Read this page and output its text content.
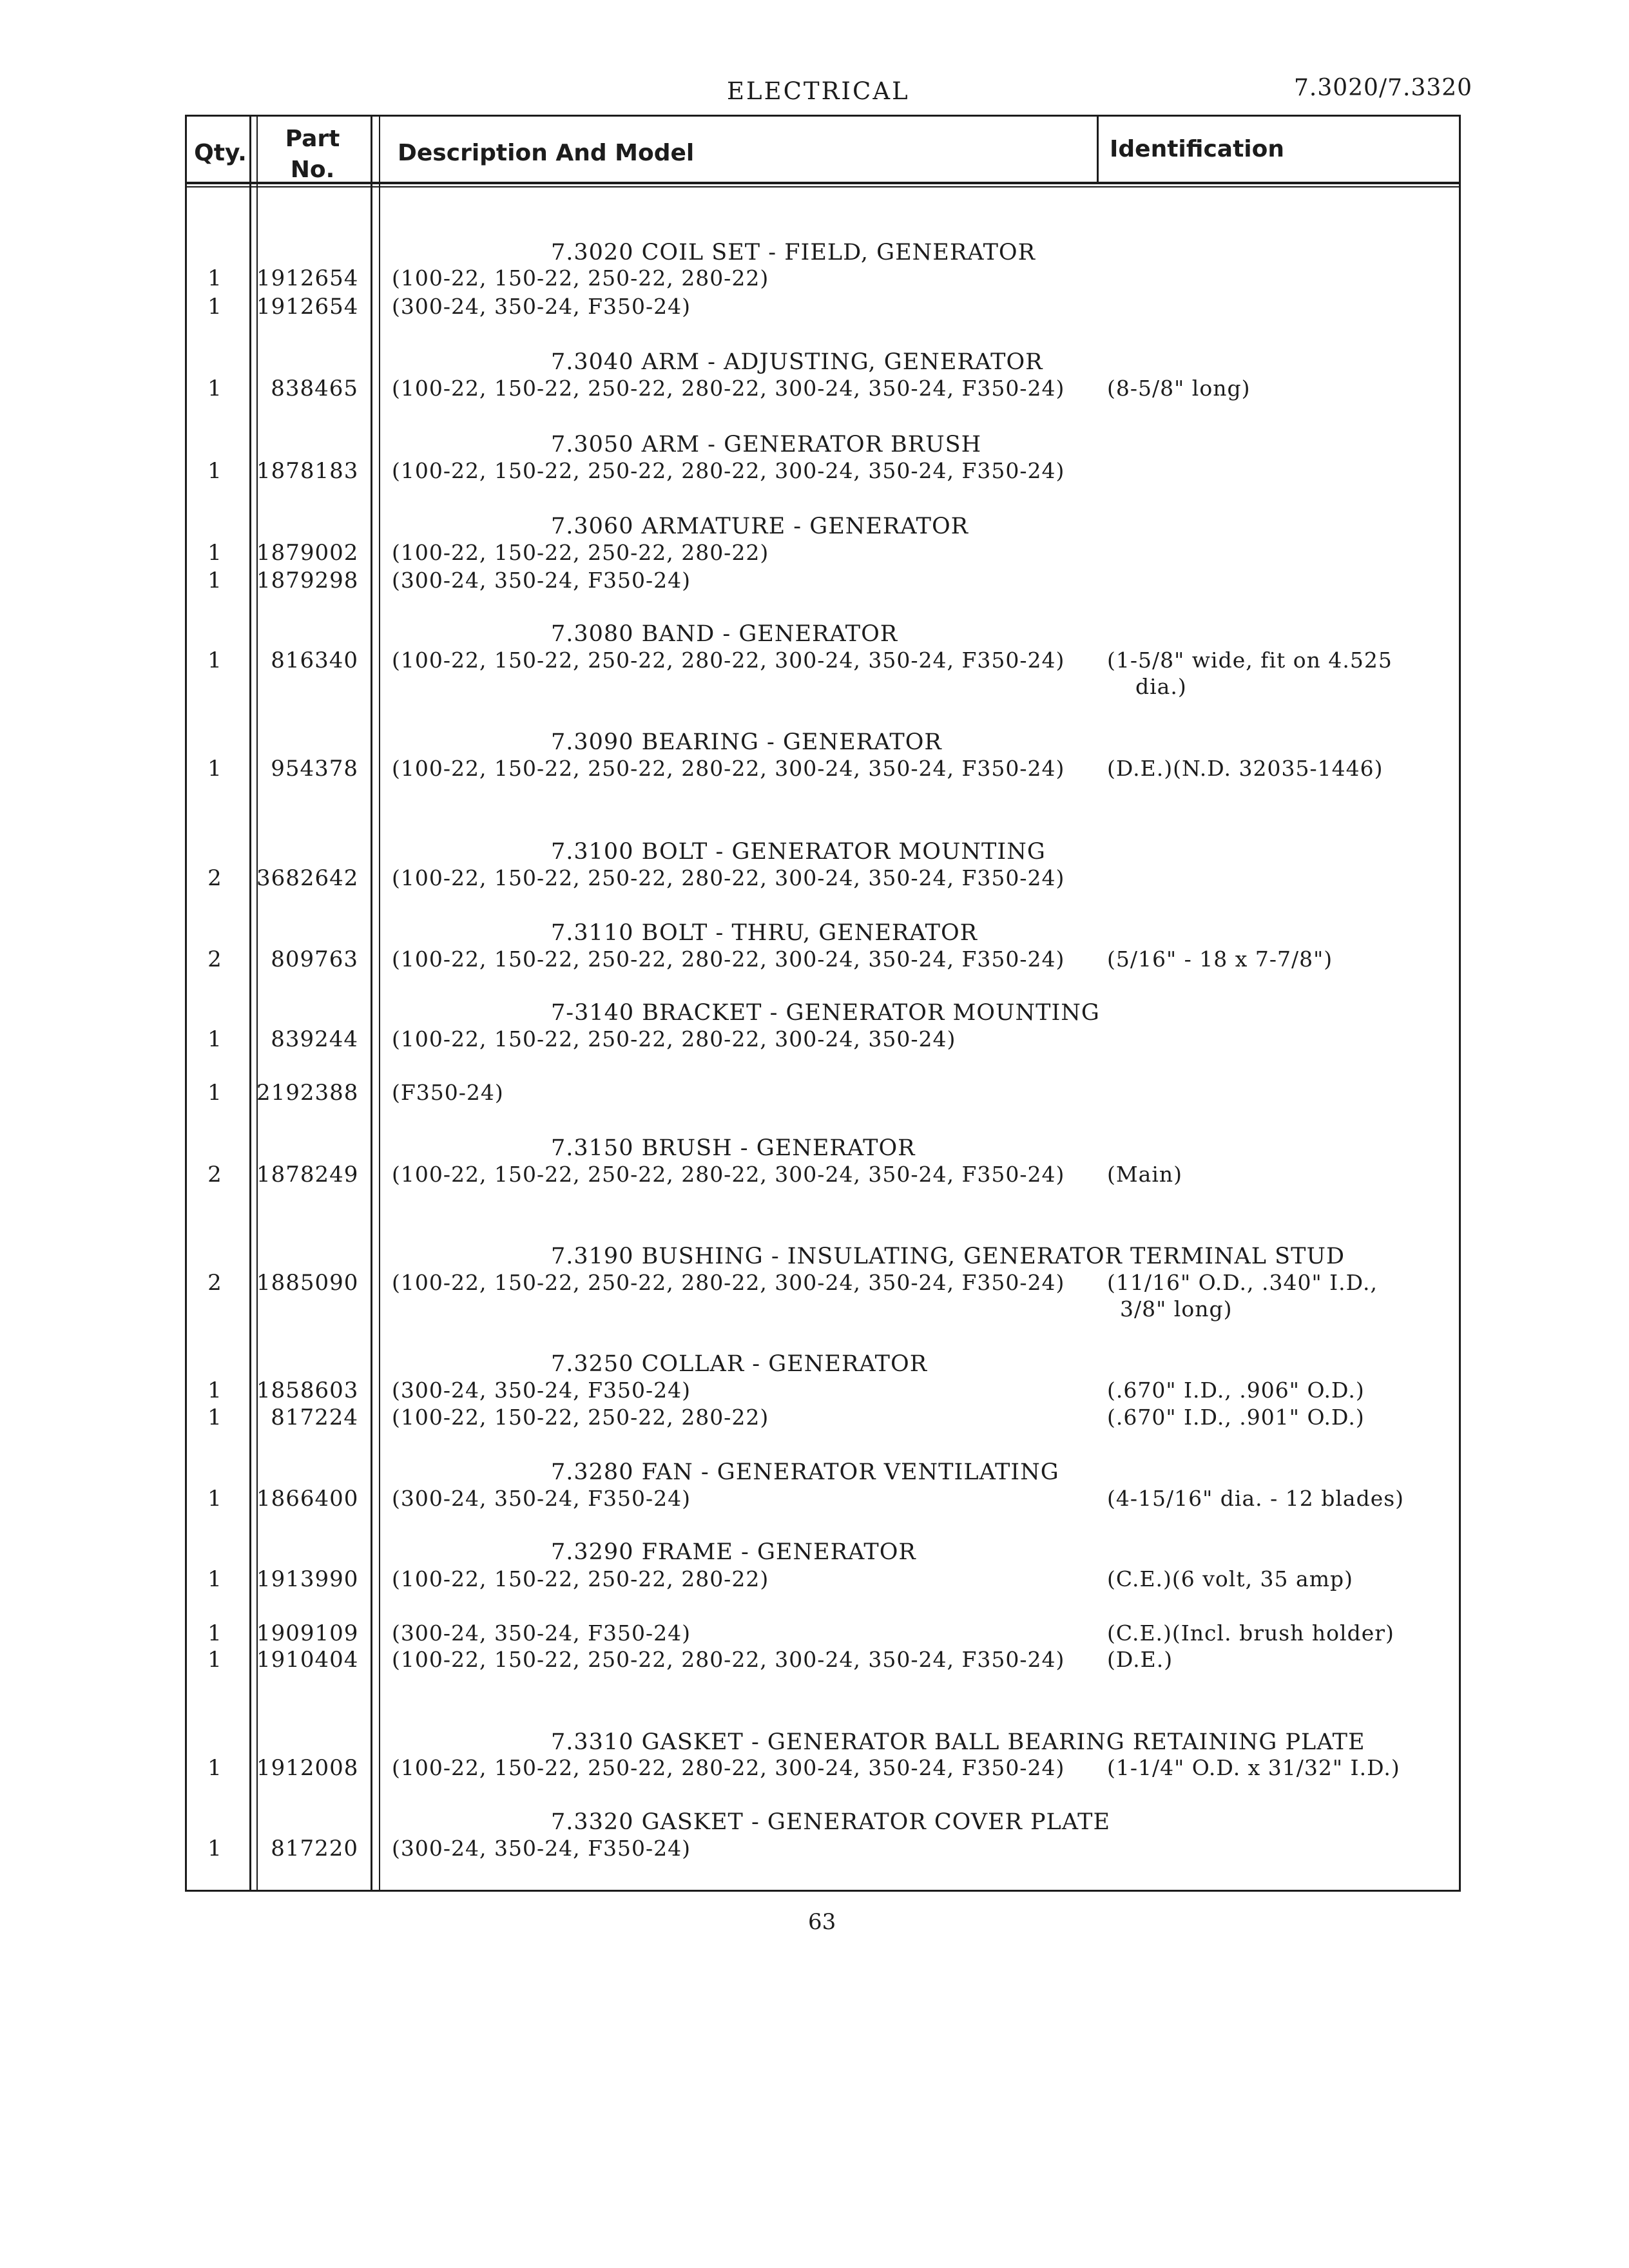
ELECTRICAL	7.3020/7.3320
Qty.
Part
No.
Description And Model	Identification
7.3020 COIL SET - FIELD, GENERATOR
1	1912654 (100-22, 150-22, 250-22, 280-22)
1	1912654 (300-24, 350-24, F350-24)
7.3040 ARM - ADJUSTING, GENERATOR
1	838465 (100-22, 150-22, 250-22, 280-22, 300-24, 350-24, F350-24) (8-5/8" long)
7.3050 ARM - GENERATOR BRUSH
1	1878183 (100-22, 150-22, 250-22, 280-22, 300-24, 350-24, F350-24)
7.3060 ARMATURE - GENERATOR
1	1879002 (100-22, 150-22, 250-22, 280-22)
1	1879298 (300-24, 350-24, F350-24)
7.3080 BAND - GENERATOR
1	816340 (100-22, 150-22, 250-22, 280-22, 300-24, 350-24, F350-24) (1-5/8" wide, fit on 4.525
dia.)
7.3090 BEARING - GENERATOR
1	954378 (100-22, 150-22, 250-22, 280-22, 300-24, 350-24, F350-24) (D.E.)(N.D. 32035-1446)
7.3100 BOLT - GENERATOR MOUNTING
2	3682642 (100-22, 150-22, 250-22, 280-22, 300-24, 350-24, F350-24)
7.3110 BOLT - THRU, GENERATOR
2	809763 (100-22, 150-22, 250-22, 280-22, 300-24, 350-24, F350-24) (5/16" - 18 x 7-7/8")
7-3140 BRACKET - GENERATOR MOUNTING
1	839244 (100-22, 150-22, 250-22, 280-22, 300-24, 350-24)
1	2192388 (F350-24)
7.3150 BRUSH - GENERATOR
2	1878249 (100-22, 150-22, 250-22, 280-22, 300-24, 350-24, F350-24) (Main)
7.3190 BUSHING - INSULATING, GENERATOR TERMINAL STUD
2	1885090 (100-22, 150-22, 250-22, 280-22, 300-24, 350-24, F350-24) (11/16" O.D., .340" I.D.,
3/8" long)
7.3250 COLLAR - GENERATOR
1	1858603 (300-24, 350-24, F350-24)	(.670" I.D., .906" O.D.)
1	817224 (100-22, 150-22, 250-22, 280-22)	(.670" I.D., .901" O.D.)
7.3280 FAN - GENERATOR VENTILATING
1	1866400 (300-24, 350-24, F350-24)	(4-15/16" dia. - 12 blades)
7.3290 FRAME - GENERATOR
1	1913990 (100-22, 150-22, 250-22, 280-22)	(C.E.)(6 volt, 35 amp)
1	1909109 (300-24, 350-24, F350-24)	(C.E.)(Incl. brush holder)
1	1910404 (100-22, 150-22, 250-22, 280-22, 300-24, 350-24, F350-24) (D.E.)
7.3310 GASKET - GENERATOR BALL BEARING RETAINING PLATE
1	1912008 (100-22, 150-22, 250-22, 280-22, 300-24, 350-24, F350-24) (1-1/4" O.D. x 31/32" I.D.)
7.3320 GASKET - GENERATOR COVER PLATE
1	817220 (300-24, 350-24, F350-24)
63
